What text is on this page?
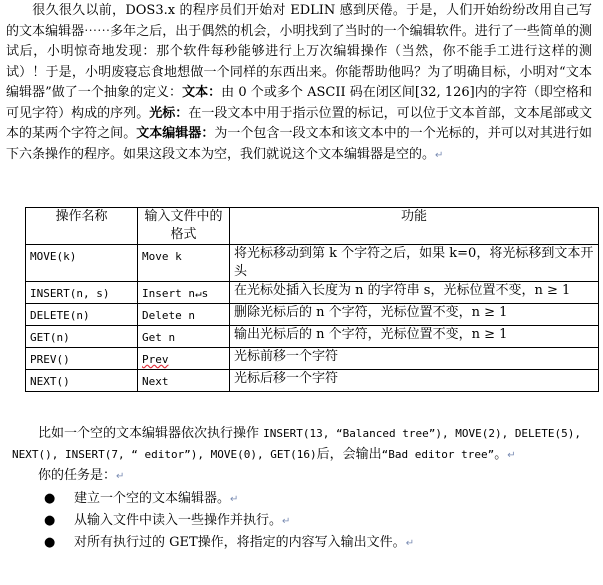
  很久很久以前，DOS3.x 的程序员们开始对 EDLIN 感到厌倦。于是，人们开始纷纷改用自己写的文本编辑器⋯⋯多年之后，出于偶然的机会，小明找到了当时的一个编辑软件。进行了一些简单的测试后，小明惊奇地发现：那个软件每秒能够进行上万次编辑操作（当然，你不能手工进行这样的测试）！于是，小明废寝忘食地想做一个同样的东西出来。你能帮助他吗？为了明确目标，小明对“文本编辑器”做了一个抽象的定义：文本：由 0 个或多个 ASCII 码在闭区间[32, 126]内的字符（即空格和可见字符）构成的序列。光标：在一段文本中用于指示位置的标记，可以位于文本首部，文本尾部或文本的某两个字符之间。文本编辑器：为一个包含一段文本和该文本中的一个光标的，并可以对其进行如下六条操作的程序。如果这段文本为空，我们就说这个文本编辑器是空的。↵

操作名称	输入文件中的格式	功能
MOVE(k)	Move k	将光标移动到第 k 个字符之后，如果 k=0，将光标移到文本开头
INSERT(n, s)	Insert n↵s	在光标处插入长度为 n 的字符串 s，光标位置不变，n ≥ 1
DELETE(n)	Delete n	删除光标后的 n 个字符，光标位置不变，n ≥ 1
GET(n)	Get n	输出光标后的 n 个字符，光标位置不变，n ≥ 1
PREV()	Prev	光标前移一个字符
NEXT()	Next	光标后移一个字符

  比如一个空的文本编辑器依次执行操作 INSERT(13, “Balanced tree”), MOVE(2), DELETE(5), NEXT(), INSERT(7, “ editor”), MOVE(0), GET(16)后，会输出“Bad editor tree”。↵

  你的任务是：↵

● 建立一个空的文本编辑器。↵
● 从输入文件中读入一些操作并执行。↵
● 对所有执行过的 GET操作，将指定的内容写入输出文件。↵
